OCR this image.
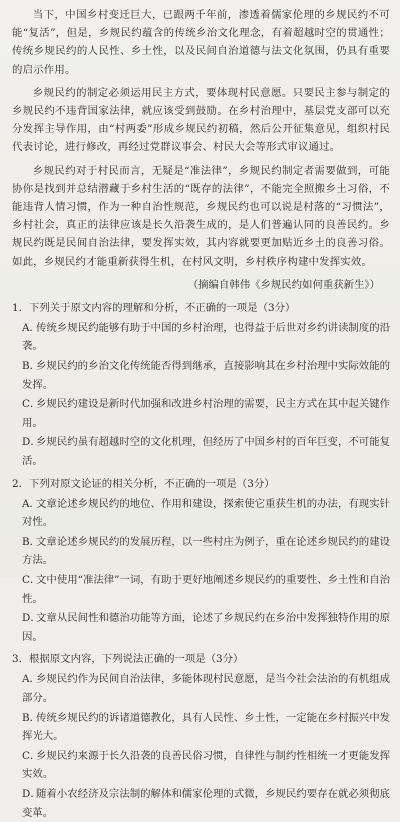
当下，中国乡村变迁巨大，已跟两千年前，渗透着儒家伦理的乡规民约不可能“复活”，但是，乡规民约蕴含的传统乡治文化理念，有着超越时空的贯通性；传统乡规民约的人民性、乡土性，以及民间自治道德与法文化氛围，仍具有重要的启示作用。

乡规民约的制定必须运用民主方式，要体现村民意愿。只要民主参与制定的乡规民约不违背国家法律，就应该受到鼓励。在乡村治理中，基层党支部可以充分发挥主导作用，由“村两委”形成乡规民约初稿，然后公开征集意见，组织村民代表讨论，进行修改，再经过党群议事会、村民大会等形式审议通过。

乡规民约对于村民而言，无疑是“准法律”，乡规民约制定者需要做到，可能协你是找到并总结潜藏于乡村生活的“既存的法律”，不能完全照搬乡土习俗，不能违背人情习惯，作为一种自治性规范，乡规民约也可以说是村落的“习惯法”，乡村社会，真正的法律应该是长久沿袭生成的，是人们普遍认同的良善民约。乡规民约既是民间自治法律，要发挥实效，其内容就要更加贴近乡土的良善习俗。如此，乡规民约才能重新获得生机，在村风文明，乡村秩序构建中发挥实效。

（摘编自韩伟《乡规民约如何重获新生》）
1．下列关于原文内容的理解和分析，不正确的一项是（3分）
A．传统乡规民约能够有助于中国的乡村治理，也得益于后世对乡约讲读制度的沿袭。
B．乡规民约的乡治文化传统能否得到继承，直接影响其在乡村治理中实际效能的发挥。
C．乡规民约建设是新时代加强和改进乡村治理的需要，民主方式在其中起关键作用。
D．乡规民约虽有超越时空的文化机理，但经历了中国乡村的百年巨变，不可能复活。
2．下列对原文论证的相关分析，不正确的一项是（3分）
A．文章论述乡规民约的地位、作用和建设，探索使它重获生机的办法，有现实针对性。
B．文章论述乡规民约的发展历程，以一些村庄为例子，重在论述乡规民约的建设方法。
C．文中使用“准法律”一词，有助于更好地阐述乡规民约的重要性、乡土性和自治性。
D．文章从民间性和德治功能等方面，论述了乡规民约在乡治中发挥独特作用的原因。
3．根据原文内容，下列说法正确的一项是（3分）
A．乡规民约作为民间自治法律，多能体现村民意愿，是当今社会法治的有机组成部分。
B．传统乡规民约的诉诸道德教化，具有人民性、乡土性，一定能在乡村振兴中发挥光大。
C．乡规民约来源于长久沿袭的良善民俗习惯，自律性与制约性相统一才更能发挥实效。
D．随着小农经济及宗法制的解体和儒家伦理的式微，乡规民约要存在就必须彻底变革。
